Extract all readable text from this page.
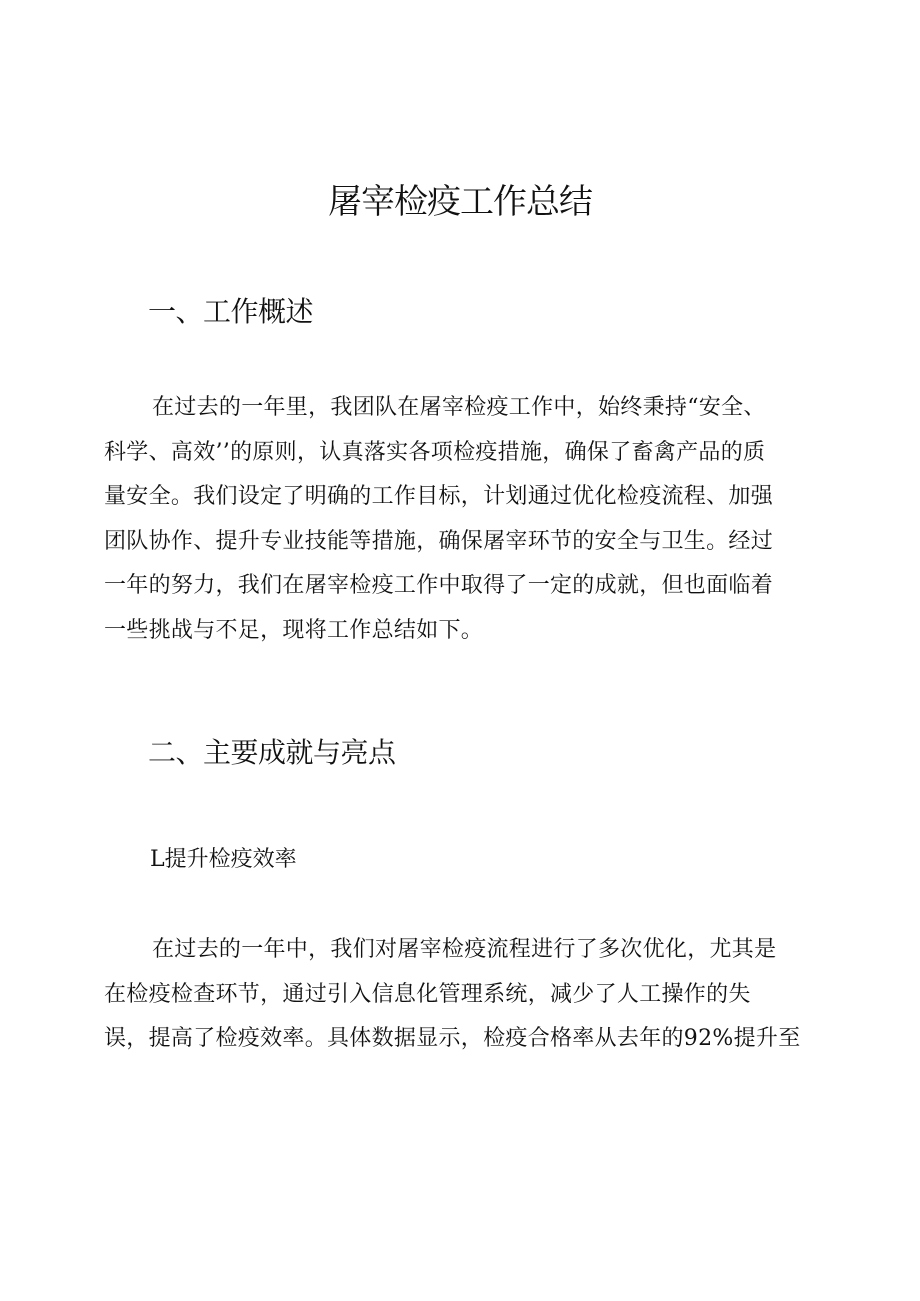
屠宰检疫工作总结
一、工作概述

在过去的一年里，我团队在屠宰检疫工作中，始终秉持“安全、
科学、高效’’的原则，认真落实各项检疫措施，确保了畜禽产品的质
量安全。我们设定了明确的工作目标，计划通过优化检疫流程、加强
团队协作、提升专业技能等措施，确保屠宰环节的安全与卫生。经过
一年的努力，我们在屠宰检疫工作中取得了一定的成就，但也面临着
一些挑战与不足，现将工作总结如下。

二、主要成就与亮点

L提升检疫效率

在过去的一年中，我们对屠宰检疫流程进行了多次优化，尤其是
在检疫检查环节，通过引入信息化管理系统，减少了人工操作的失
误，提高了检疫效率。具体数据显示，检疫合格率从去年的92%提升至
